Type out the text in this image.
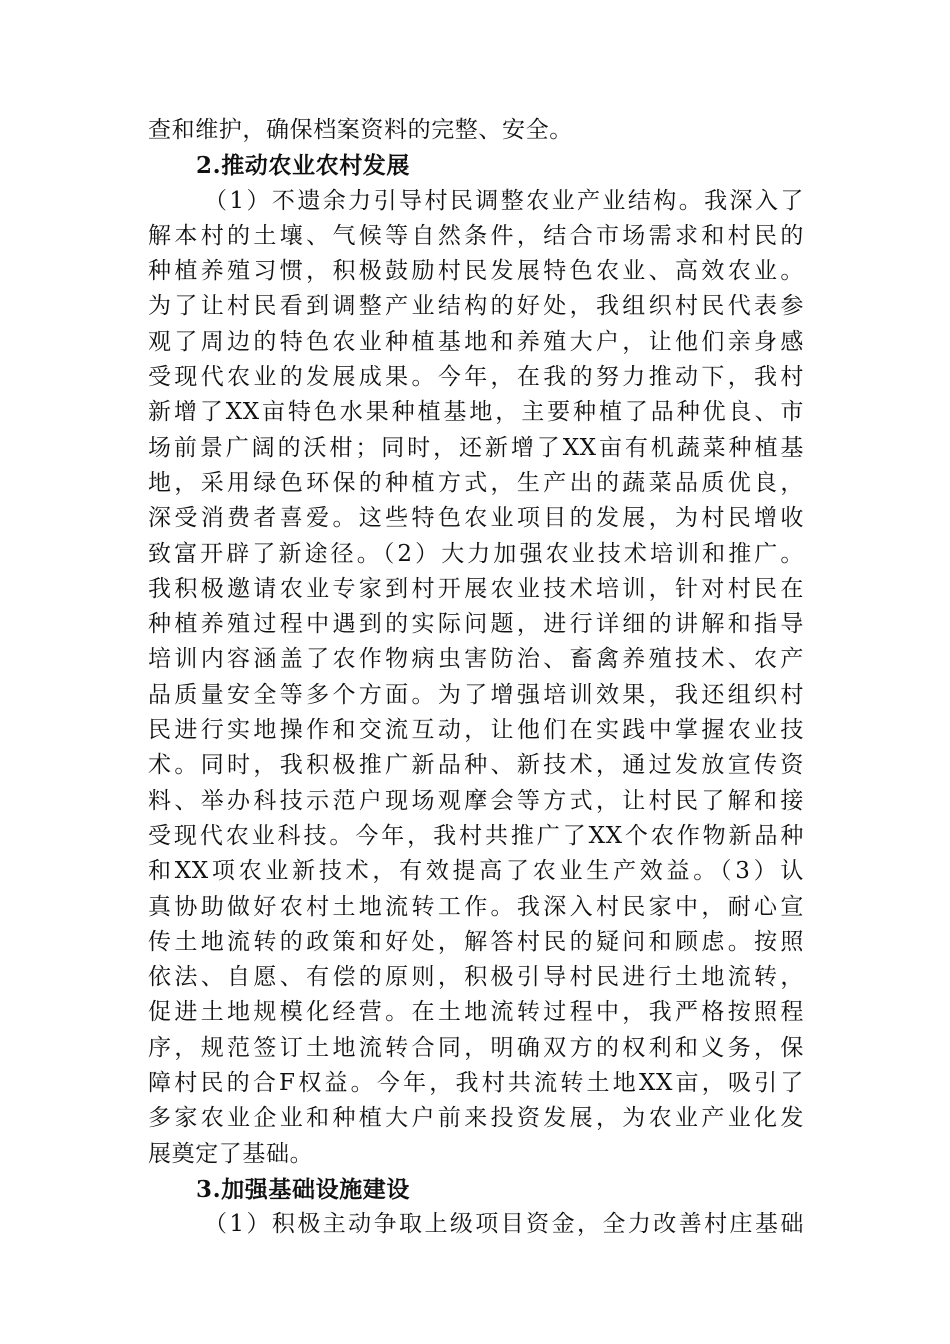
查和维护，确保档案资料的完整、安全。
2.推动农业农村发展
（1）不遗余力引导村民调整农业产业结构。我深入了
解本村的土壤、气候等自然条件，结合市场需求和村民的
种植养殖习惯，积极鼓励村民发展特色农业、高效农业。
为了让村民看到调整产业结构的好处，我组织村民代表参
观了周边的特色农业种植基地和养殖大户，让他们亲身感
受现代农业的发展成果。今年，在我的努力推动下，我村
新增了XX亩特色水果种植基地，主要种植了品种优良、市
场前景广阔的沃柑；同时，还新增了XX亩有机蔬菜种植基
地，采用绿色环保的种植方式，生产出的蔬菜品质优良，
深受消费者喜爱。这些特色农业项目的发展，为村民增收
致富开辟了新途径。（2）大力加强农业技术培训和推广。
我积极邀请农业专家到村开展农业技术培训，针对村民在
种植养殖过程中遇到的实际问题，进行详细的讲解和指导
培训内容涵盖了农作物病虫害防治、畜禽养殖技术、农产
品质量安全等多个方面。为了增强培训效果，我还组织村
民进行实地操作和交流互动，让他们在实践中掌握农业技
术。同时，我积极推广新品种、新技术，通过发放宣传资
料、举办科技示范户现场观摩会等方式，让村民了解和接
受现代农业科技。今年，我村共推广了XX个农作物新品种
和XX项农业新技术，有效提高了农业生产效益。（3）认
真协助做好农村土地流转工作。我深入村民家中，耐心宣
传土地流转的政策和好处，解答村民的疑问和顾虑。按照
依法、自愿、有偿的原则，积极引导村民进行土地流转，
促进土地规模化经营。在土地流转过程中，我严格按照程
序，规范签订土地流转合同，明确双方的权利和义务，保
障村民的合F权益。今年，我村共流转土地XX亩，吸引了
多家农业企业和种植大户前来投资发展，为农业产业化发
展奠定了基础。
3.加强基础设施建设
（1）积极主动争取上级项目资金，全力改善村庄基础
